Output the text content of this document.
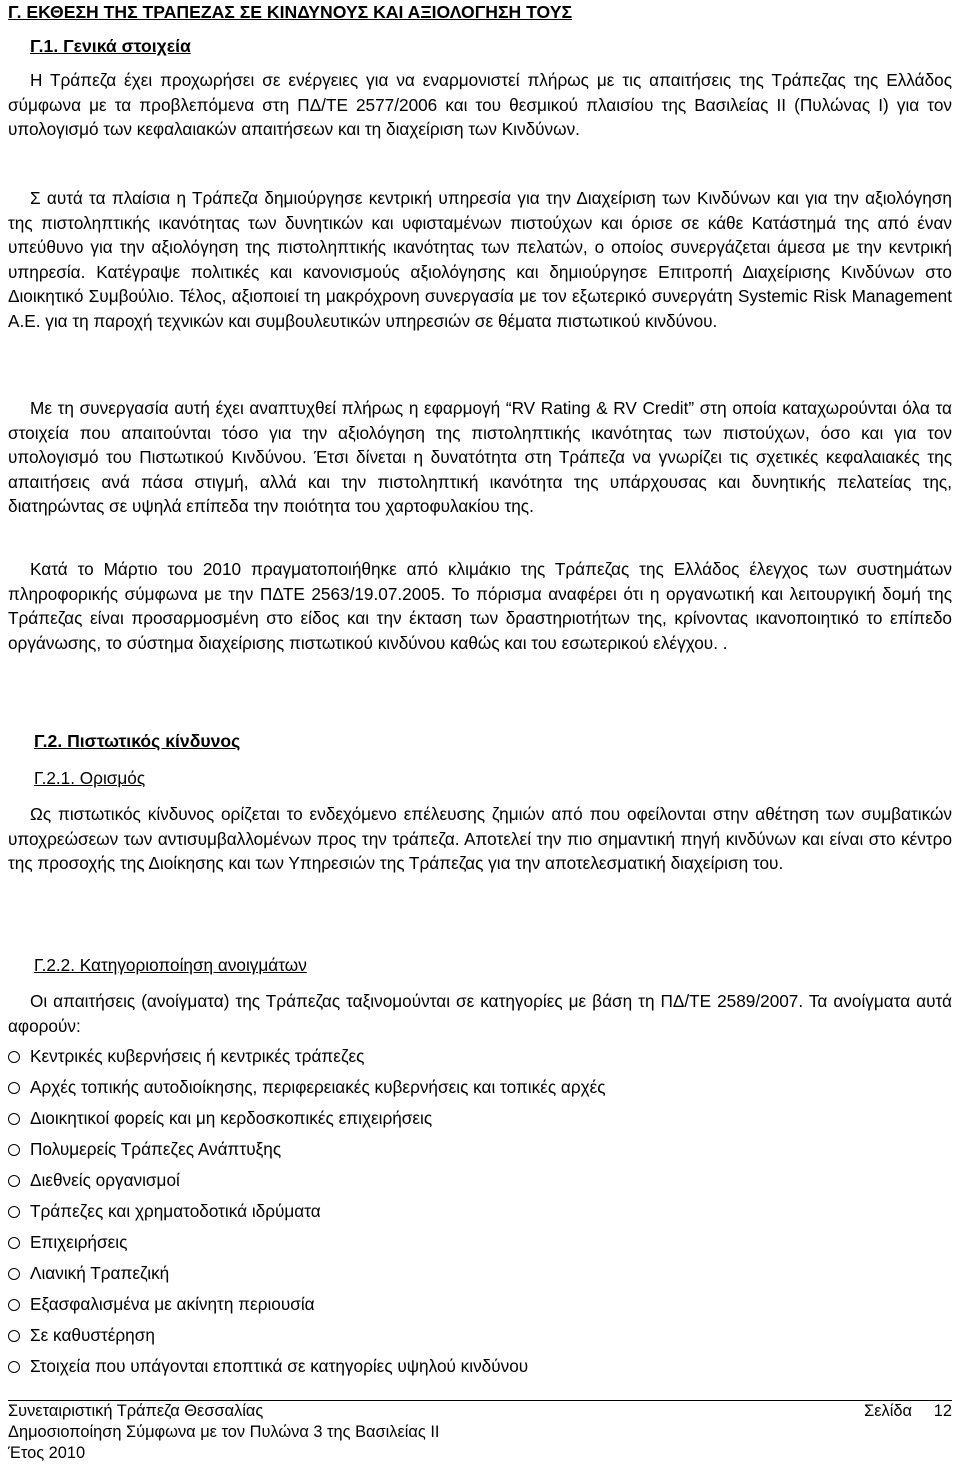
Γ. ΕΚΘΕΣΗ ΤΗΣ ΤΡΑΠΕΖΑΣ ΣΕ ΚΙΝΔΥΝΟΥΣ ΚΑΙ ΑΞΙΟΛΟΓΗΣΗ ΤΟΥΣ
Γ.1. Γενικά στοιχεία
Η Τράπεζα έχει προχωρήσει σε ενέργειες για να εναρμονιστεί πλήρως με τις απαιτήσεις της Τράπεζας της Ελλάδος σύμφωνα με τα προβλεπόμενα στη ΠΔ/ΤΕ 2577/2006 και του θεσμικού πλαισίου της Βασιλείας ΙΙ (Πυλώνας Ι) για τον υπολογισμό των κεφαλαιακών απαιτήσεων και τη διαχείριση των Κινδύνων.
Σ αυτά τα πλαίσια η Τράπεζα δημιούργησε κεντρική υπηρεσία για την Διαχείριση των Κινδύνων και για την αξιολόγηση της πιστοληπτικής ικανότητας των δυνητικών και υφισταμένων πιστούχων και όρισε σε κάθε Κατάστημά της από έναν υπεύθυνο για την αξιολόγηση της πιστοληπτικής ικανότητας των πελατών, ο οποίος συνεργάζεται άμεσα με την κεντρική υπηρεσία. Κατέγραψε πολιτικές και κανονισμούς αξιολόγησης και δημιούργησε Επιτροπή Διαχείρισης Κινδύνων στο Διοικητικό Συμβούλιο. Τέλος, αξιοποιεί τη μακρόχρονη συνεργασία με τον εξωτερικό συνεργάτη Systemic Risk Management A.E. για τη παροχή τεχνικών και συμβουλευτικών υπηρεσιών σε θέματα πιστωτικού κινδύνου.
Με τη συνεργασία αυτή έχει αναπτυχθεί πλήρως η εφαρμογή “RV Rating & RV Credit” στη οποία καταχωρούνται όλα τα στοιχεία που απαιτούνται τόσο για την αξιολόγηση της πιστοληπτικής ικανότητας των πιστούχων, όσο και για τον υπολογισμό του Πιστωτικού Κινδύνου. Έτσι δίνεται η δυνατότητα στη Τράπεζα να γνωρίζει τις σχετικές κεφαλαιακές της απαιτήσεις ανά πάσα στιγμή, αλλά και την πιστοληπτική ικανότητα της υπάρχουσας και δυνητικής πελατείας της, διατηρώντας σε υψηλά επίπεδα την ποιότητα του χαρτοφυλακίου της.
Κατά το Μάρτιο του 2010 πραγματοποιήθηκε από κλιμάκιο της Τράπεζας της Ελλάδος έλεγχος των συστημάτων πληροφορικής σύμφωνα με την ΠΔΤΕ 2563/19.07.2005. Το πόρισμα αναφέρει ότι η οργανωτική και λειτουργική δομή της Τράπεζας είναι προσαρμοσμένη στο είδος και την έκταση των δραστηριοτήτων της, κρίνοντας ικανοποιητικό το επίπεδο οργάνωσης, το σύστημα διαχείρισης πιστωτικού κινδύνου καθώς και του εσωτερικού ελέγχου. .
Γ.2. Πιστωτικός κίνδυνος
Γ.2.1. Ορισμός
Ως πιστωτικός κίνδυνος ορίζεται το ενδεχόμενο επέλευσης ζημιών από που οφείλονται στην αθέτηση των συμβατικών υποχρεώσεων των αντισυμβαλλομένων προς την τράπεζα. Αποτελεί την πιο σημαντική πηγή κινδύνων και είναι στο κέντρο της προσοχής της Διοίκησης και των Υπηρεσιών της Τράπεζας για την αποτελεσματική διαχείριση του.
Γ.2.2. Κατηγοριοποίηση ανοιγμάτων
Οι απαιτήσεις (ανοίγματα) της Τράπεζας ταξινομούνται σε κατηγορίες με βάση τη ΠΔ/ΤΕ 2589/2007. Τα ανοίγματα αυτά αφορούν:
Κεντρικές κυβερνήσεις ή κεντρικές τράπεζες
Αρχές τοπικής αυτοδιοίκησης, περιφερειακές κυβερνήσεις και τοπικές αρχές
Διοικητικοί φορείς και μη κερδοσκοπικές επιχειρήσεις
Πολυμερείς Τράπεζες Ανάπτυξης
Διεθνείς οργανισμοί
Τράπεζες και χρηματοδοτικά ιδρύματα
Επιχειρήσεις
Λιανική Τραπεζική
Εξασφαλισμένα με ακίνητη περιουσία
Σε καθυστέρηση
Στοιχεία που υπάγονται εποπτικά σε κατηγορίες υψηλού κινδύνου
Συνεταιριστική Τράπεζα Θεσσαλίας	Σελίδα 12
Δημοσιοποίηση Σύμφωνα με τον Πυλώνα 3 της Βασιλείας ΙΙ
Έτος 2010
